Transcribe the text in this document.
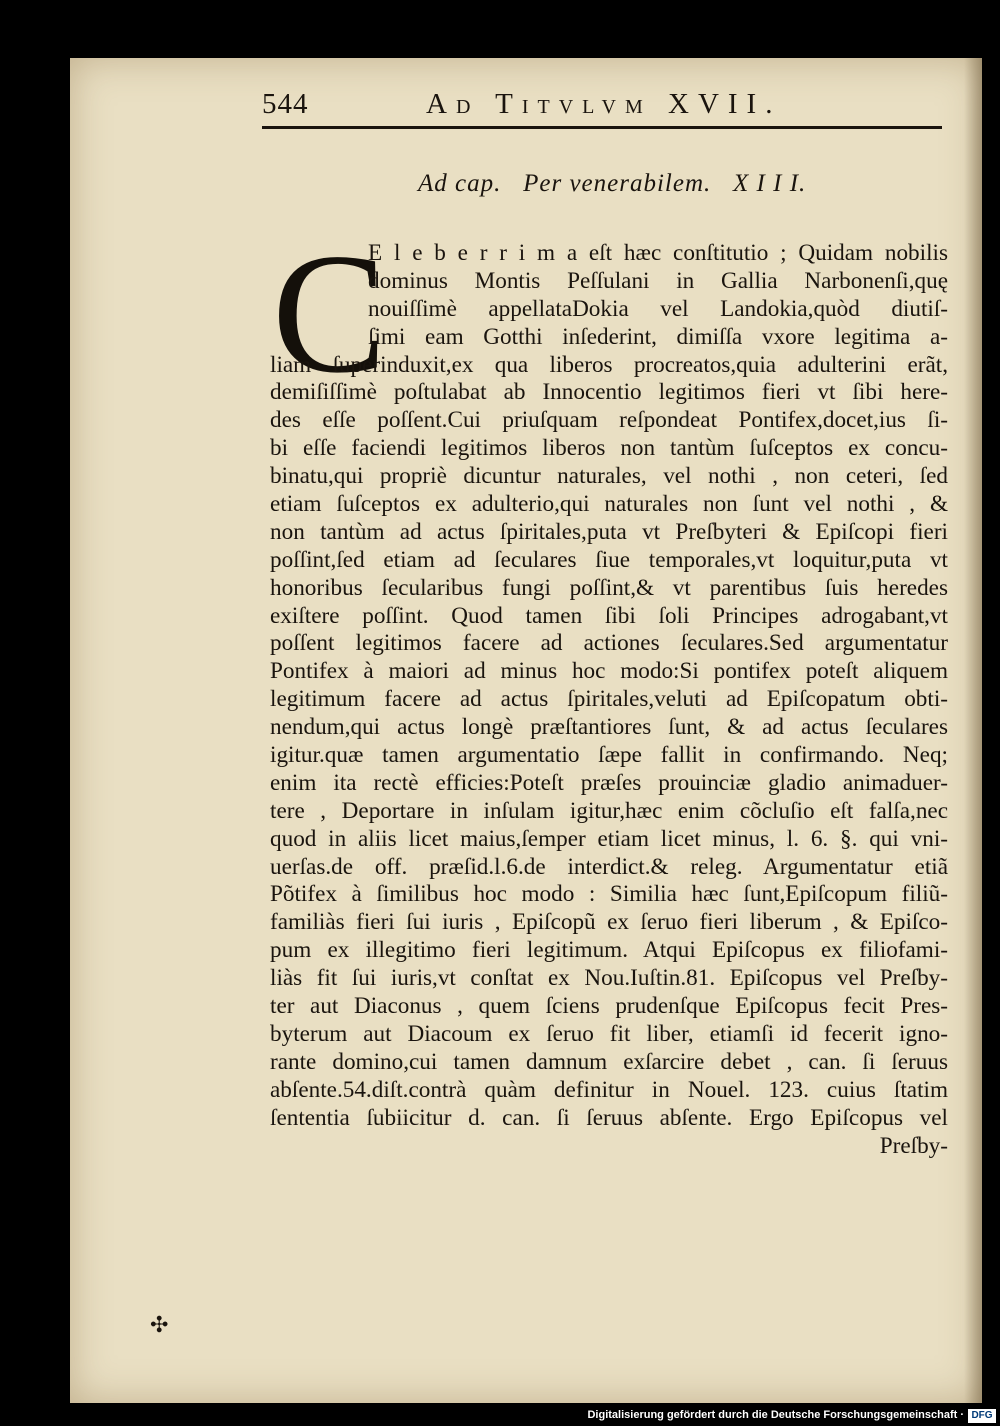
544	Ad Titvlvm XVII.
Ad cap.   Per venerabilem.   X I I I.
C
E l e b e r r i m a eſt hæc conſtitutio ; Quidam nobilis
dominus Montis Peſſulani in Gallia Narbonenſi,quę
nouiſſimè appellataDokia vel Landokia,quòd diutiſ-
ſimi eam Gotthi inſederint, dimiſſa vxore legitima a-
liam ſuperinduxit,ex qua liberos procreatos,quia adulterini erãt,
demiſiſſimè poſtulabat ab Innocentio legitimos fieri vt ſibi here-
des eſſe poſſent.Cui priuſquam reſpondeat Pontifex,docet,ius ſi-
bi eſſe faciendi legitimos liberos non tantùm ſuſceptos ex concu-
binatu,qui propriè dicuntur naturales, vel nothi , non ceteri, ſed
etiam ſuſceptos ex adulterio,qui naturales non ſunt vel nothi , &
non tantùm ad actus ſpiritales,puta vt Preſbyteri & Epiſcopi fieri
poſſint,ſed etiam ad ſeculares ſiue temporales,vt loquitur,puta vt
honoribus ſecularibus fungi poſſint,& vt parentibus ſuis heredes
exiſtere poſſint. Quod tamen ſibi ſoli Principes adrogabant,vt
poſſent legitimos facere ad actiones ſeculares.Sed argumentatur
Pontifex à maiori ad minus hoc modo:Si pontifex poteſt aliquem
legitimum facere ad actus ſpiritales,veluti ad Epiſcopatum obti-
nendum,qui actus longè præſtantiores ſunt, & ad actus ſeculares
igitur.quæ tamen argumentatio ſæpe fallit in confirmando. Neq;
enim ita rectè efficies:Poteſt præſes prouinciæ gladio animaduer-
tere , Deportare in inſulam igitur,hæc enim cõcluſio eſt falſa,nec
quod in aliis licet maius,ſemper etiam licet minus, l. 6. §. qui vni-
uerſas.de off. præſid.l.6.de interdict.& releg. Argumentatur etiã
Põtifex à ſimilibus hoc modo : Similia hæc ſunt,Epiſcopum filiũ-
familiàs fieri ſui iuris , Epiſcopũ ex ſeruo fieri liberum , & Epiſco-
pum ex illegitimo fieri legitimum. Atqui Epiſcopus ex filiofami-
liàs fit ſui iuris,vt conſtat ex Nou.Iuſtin.81. Epiſcopus vel Preſby-
ter aut Diaconus , quem ſciens prudenſque Epiſcopus fecit Pres-
byterum aut Diacoum ex ſeruo fit liber, etiamſi id fecerit igno-
rante domino,cui tamen damnum exſarcire debet , can. ſi ſeruus
abſente.54.diſt.contrà quàm definitur in Nouel. 123. cuius ſtatim
ſententia ſubiicitur d. can. ſi ſeruus abſente. Ergo Epiſcopus vel
Preſby-
✣
Digitalisierung gefördert durch die Deutsche Forschungsgemeinschaft · DFG
